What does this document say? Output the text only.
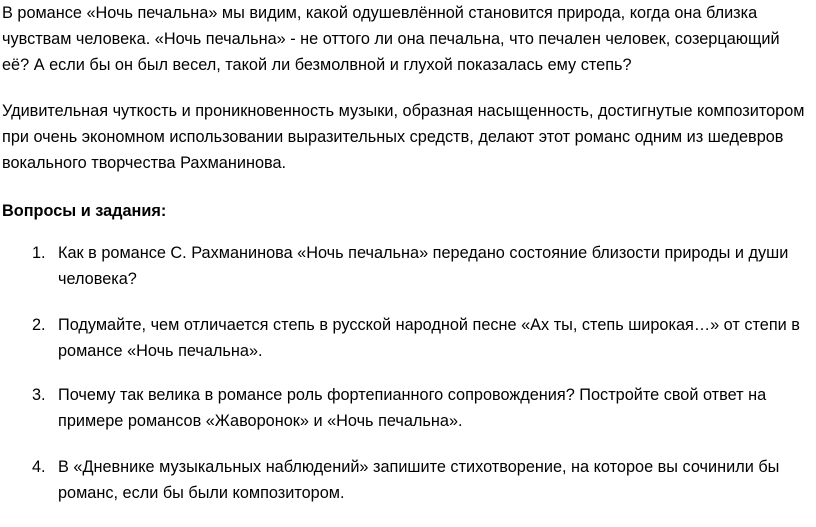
В романсе «Ночь печальна» мы видим, какой одушевлённой становится природа, когда она близка чувствам человека. «Ночь печальна» - не оттого ли она печальна, что печален человек, созерцающий её? А если бы он был весел, такой ли безмолвной и глухой показалась ему степь?

Удивительная чуткость и проникновенность музыки, образная насыщенность, достигнутые композитором при очень экономном использовании выразительных средств, делают этот романс одним из шедевров вокального творчества Рахманинова.

Вопросы и задания:

1. Как в романсе С. Рахманинова «Ночь печальна» передано состояние близости природы и души человека?
2. Подумайте, чем отличается степь в русской народной песне «Ах ты, степь широкая…» от степи в романсе «Ночь печальна».
3. Почему так велика в романсе роль фортепианного сопровождения? Постройте свой ответ на примере романсов «Жаворонок» и «Ночь печальна».
4. В «Дневнике музыкальных наблюдений» запишите стихотворение, на которое вы сочинили бы романс, если бы были композитором.
